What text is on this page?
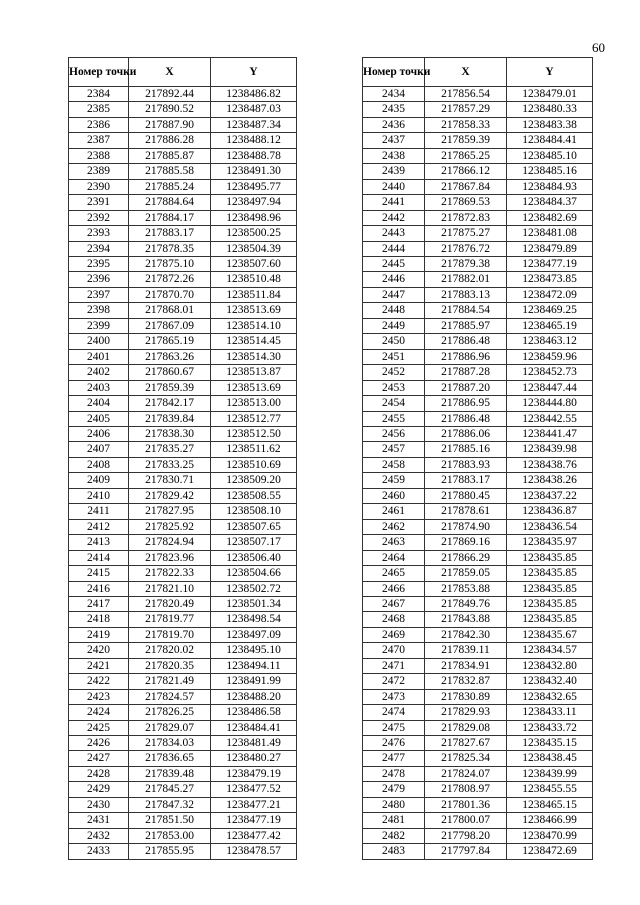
60
Номер точки	X	Y
2384	217892.44	1238486.82
2385	217890.52	1238487.03
2386	217887.90	1238487.34
2387	217886.28	1238488.12
2388	217885.87	1238488.78
2389	217885.58	1238491.30
2390	217885.24	1238495.77
2391	217884.64	1238497.94
2392	217884.17	1238498.96
2393	217883.17	1238500.25
2394	217878.35	1238504.39
2395	217875.10	1238507.60
2396	217872.26	1238510.48
2397	217870.70	1238511.84
2398	217868.01	1238513.69
2399	217867.09	1238514.10
2400	217865.19	1238514.45
2401	217863.26	1238514.30
2402	217860.67	1238513.87
2403	217859.39	1238513.69
2404	217842.17	1238513.00
2405	217839.84	1238512.77
2406	217838.30	1238512.50
2407	217835.27	1238511.62
2408	217833.25	1238510.69
2409	217830.71	1238509.20
2410	217829.42	1238508.55
2411	217827.95	1238508.10
2412	217825.92	1238507.65
2413	217824.94	1238507.17
2414	217823.96	1238506.40
2415	217822.33	1238504.66
2416	217821.10	1238502.72
2417	217820.49	1238501.34
2418	217819.77	1238498.54
2419	217819.70	1238497.09
2420	217820.02	1238495.10
2421	217820.35	1238494.11
2422	217821.49	1238491.99
2423	217824.57	1238488.20
2424	217826.25	1238486.58
2425	217829.07	1238484.41
2426	217834.03	1238481.49
2427	217836.65	1238480.27
2428	217839.48	1238479.19
2429	217845.27	1238477.52
2430	217847.32	1238477.21
2431	217851.50	1238477.19
2432	217853.00	1238477.42
2433	217855.95	1238478.57
Номер точки	X	Y
2434	217856.54	1238479.01
2435	217857.29	1238480.33
2436	217858.33	1238483.38
2437	217859.39	1238484.41
2438	217865.25	1238485.10
2439	217866.12	1238485.16
2440	217867.84	1238484.93
2441	217869.53	1238484.37
2442	217872.83	1238482.69
2443	217875.27	1238481.08
2444	217876.72	1238479.89
2445	217879.38	1238477.19
2446	217882.01	1238473.85
2447	217883.13	1238472.09
2448	217884.54	1238469.25
2449	217885.97	1238465.19
2450	217886.48	1238463.12
2451	217886.96	1238459.96
2452	217887.28	1238452.73
2453	217887.20	1238447.44
2454	217886.95	1238444.80
2455	217886.48	1238442.55
2456	217886.06	1238441.47
2457	217885.16	1238439.98
2458	217883.93	1238438.76
2459	217883.17	1238438.26
2460	217880.45	1238437.22
2461	217878.61	1238436.87
2462	217874.90	1238436.54
2463	217869.16	1238435.97
2464	217866.29	1238435.85
2465	217859.05	1238435.85
2466	217853.88	1238435.85
2467	217849.76	1238435.85
2468	217843.88	1238435.85
2469	217842.30	1238435.67
2470	217839.11	1238434.57
2471	217834.91	1238432.80
2472	217832.87	1238432.40
2473	217830.89	1238432.65
2474	217829.93	1238433.11
2475	217829.08	1238433.72
2476	217827.67	1238435.15
2477	217825.34	1238438.45
2478	217824.07	1238439.99
2479	217808.97	1238455.55
2480	217801.36	1238465.15
2481	217800.07	1238466.99
2482	217798.20	1238470.99
2483	217797.84	1238472.69
